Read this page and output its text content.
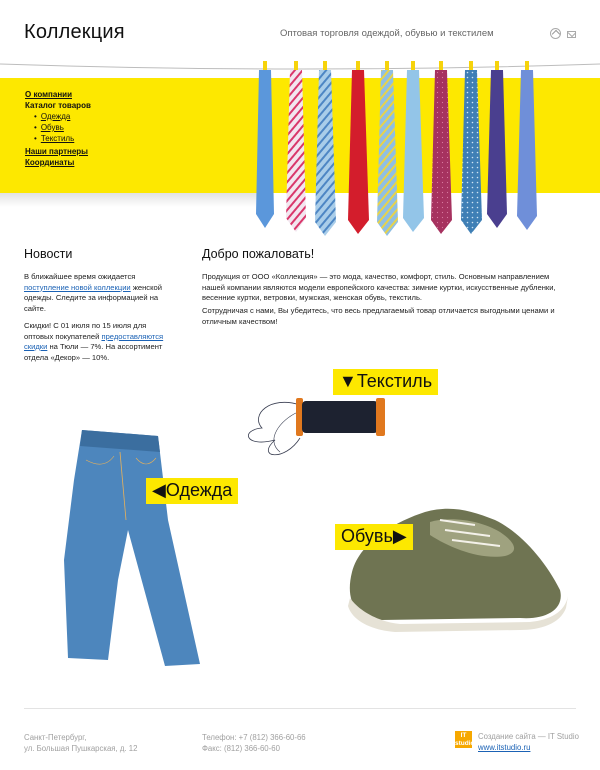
Коллекция	Оптовая торговля одеждой, обувью и текстилем
О компании
Каталог товаров
• Одежда
• Обувь
• Текстиль
Наши партнеры
Координаты
Новости

В ближайшее время ожидается поступление новой коллекции женской одежды. Следите за информацией на сайте.

Скидки! С 01 июля по 15 июля для оптовых покупателей предоставляются скидки на Тюли — 7%. На ассортимент отдела «Декор» — 10%.

Добро пожаловать!

Продукция от ООО «Коллекция» — это мода, качество, комфорт, стиль. Основным направлением нашей компании являются модели европейского качества: зимние куртки, искусственные дубленки, весенние куртки, ветровки, мужская, женская обувь, текстиль.

Сотрудничая с нами, Вы убедитесь, что весь предлагаемый товар отличается выгодными ценами и отличным качеством!

▼Текстиль
◀Одежда
Обувь▶
Санкт-Петербург,
ул. Большая Пушкарская, д. 12
Телефон: +7 (812) 366-60-66
Факс: (812) 366-60-60
IT studio
Создание сайта — IT Studio
www.itstudio.ru
